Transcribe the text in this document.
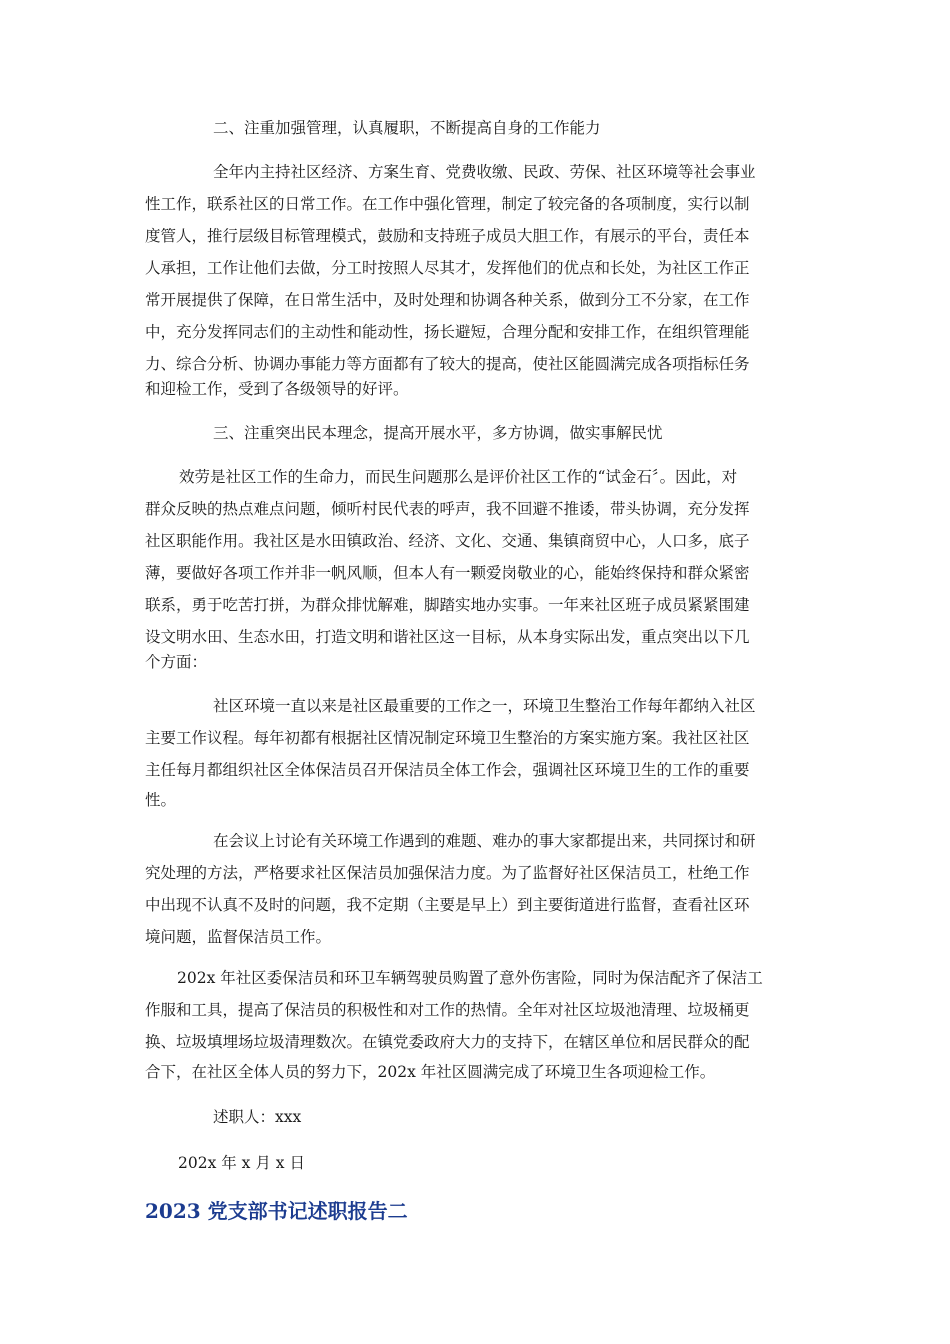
二、注重加强管理，认真履职，不断提高自身的工作能力
全年内主持社区经济、方案生育、党费收缴、民政、劳保、社区环境等社会事业
性工作，联系社区的日常工作。在工作中强化管理，制定了较完备的各项制度，实行以制
度管人，推行层级目标管理模式，鼓励和支持班子成员大胆工作，有展示的平台，责任本
人承担，工作让他们去做，分工时按照人尽其才，发挥他们的优点和长处，为社区工作正
常开展提供了保障，在日常生活中，及时处理和协调各种关系，做到分工不分家，在工作
中，充分发挥同志们的主动性和能动性，扬长避短，合理分配和安排工作，在组织管理能
力、综合分析、协调办事能力等方面都有了较大的提高，使社区能圆满完成各项指标任务
和迎检工作，受到了各级领导的好评。
三、注重突出民本理念，提高开展水平，多方协调，做实事解民忧
效劳是社区工作的生命力，而民生问题那么是评价社区工作的“试金石〞。因此，对
群众反映的热点难点问题，倾听村民代表的呼声，我不回避不推诿，带头协调，充分发挥
社区职能作用。我社区是水田镇政治、经济、文化、交通、集镇商贸中心，人口多，底子
薄，要做好各项工作并非一帆风顺，但本人有一颗爱岗敬业的心，能始终保持和群众紧密
联系，勇于吃苦打拼，为群众排忧解难，脚踏实地办实事。一年来社区班子成员紧紧围建
设文明水田、生态水田，打造文明和谐社区这一目标，从本身实际出发，重点突出以下几
个方面：
社区环境一直以来是社区最重要的工作之一，环境卫生整治工作每年都纳入社区
主要工作议程。每年初都有根据社区情况制定环境卫生整治的方案实施方案。我社区社区
主任每月都组织社区全体保洁员召开保洁员全体工作会，强调社区环境卫生的工作的重要
性。
在会议上讨论有关环境工作遇到的难题、难办的事大家都提出来，共同探讨和研
究处理的方法，严格要求社区保洁员加强保洁力度。为了监督好社区保洁员工，杜绝工作
中出现不认真不及时的问题，我不定期（主要是早上）到主要街道进行监督，查看社区环
境问题，监督保洁员工作。
202x 年社区委保洁员和环卫车辆驾驶员购置了意外伤害险，同时为保洁配齐了保洁工
作服和工具，提高了保洁员的积极性和对工作的热情。全年对社区垃圾池清理、垃圾桶更
换、垃圾填埋场垃圾清理数次。在镇党委政府大力的支持下，在辖区单位和居民群众的配
合下，在社区全体人员的努力下，202x 年社区圆满完成了环境卫生各项迎检工作。
述职人：xxx
202x 年 x 月 x 日
2023 党支部书记述职报告二
